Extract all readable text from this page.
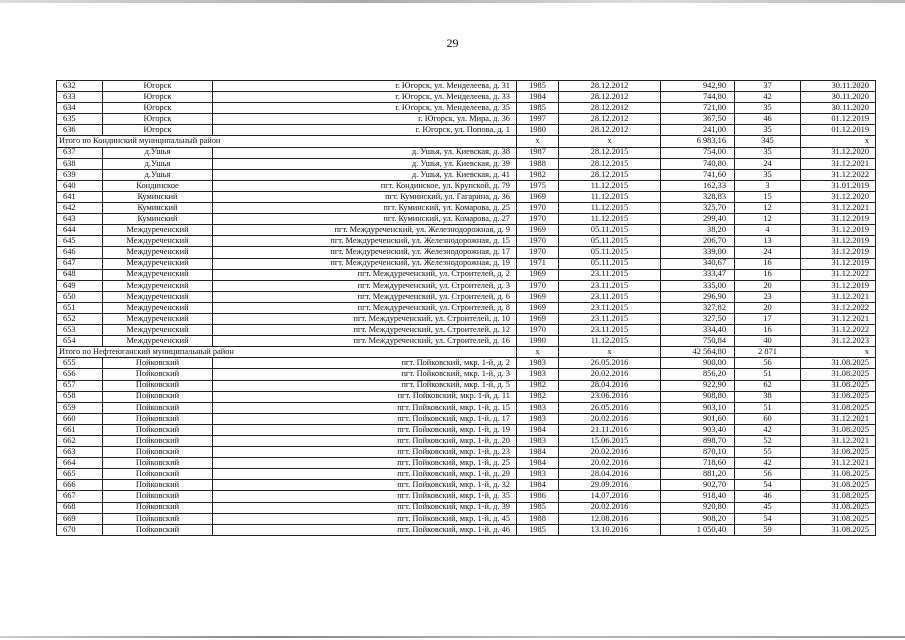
29
632	Югорск	г. Югорск, ул. Менделеева, д. 31	1985	28.12.2012	942,90	37	30.11.2020
633	Югорск	г. Югорск, ул. Менделеева, д. 33	1984	28.12.2012	744,80	42	30.11.2020
634	Югорск	г. Югорск, ул. Менделеева, д. 35	1985	28.12.2012	721,00	35	30.11.2020
635	Югорск	г. Югорск, ул. Мира, д. 36	1997	28.12.2012	367,50	46	01.12.2019
636	Югорск	г. Югорск, ул. Попова, д. 1	1980	28.12.2012	241,00	35	01.12.2019
Итого по Кондинский муниципальный район			х	х	6 983,16	345	х
637	д.Ушья	д. Ушья, ул. Киевская, д. 38	1987	28.12.2015	754,00	35	31.12.2020
638	д.Ушья	д. Ушья, ул. Киевская, д. 39	1988	28.12.2015	740,80	24	31.12.2021
639	д.Ушья	д. Ушья, ул. Киевская, д. 41	1982	28.12.2015	741,60	35	31.12.2022
640	Кондинское	пгт. Кондинское, ул. Крупской, д. 79	1975	11.12.2015	162,33	3	31.01.2019
641	Куминский	пгт. Куминский, ул. Гагарина, д. 36	1969	11.12.2015	328,83	15	31.12.2020
642	Куминский	пгт. Куминский, ул. Комарова, д. 25	1970	11.12.2015	325,70	12	31.12.2021
643	Куминский	пгт. Куминский, ул. Комарова, д. 27	1970	11.12.2015	299,40	12	31.12.2019
644	Междуреченский	пгт. Междуреченский, ул. Железнодорожная, д. 9	1969	05.11.2015	38,20	4	31.12.2019
645	Междуреченский	пгт. Междуреченский, ул. Железнодорожная, д. 15	1970	05.11.2015	206,70	13	31.12.2019
646	Междуреченский	пгт. Междуреченский, ул. Железнодорожная, д. 17	1970	05.11.2015	339,00	24	31.12.2019
647	Междуреченский	пгт. Междуреченский, ул. Железнодорожная, д. 19	1971	05.11.2015	340,67	16	31.12.2019
648	Междуреченский	пгт. Междуреченский, ул. Строителей, д. 2	1969	23.11.2015	333,47	16	31.12.2022
649	Междуреченский	пгт. Междуреченский, ул. Строителей, д. 3	1970	23.11.2015	335,00	20	31.12.2019
650	Междуреченский	пгт. Междуреченский, ул. Строителей, д. 6	1969	23.11.2015	296,90	23	31.12.2021
651	Междуреченский	пгт. Междуреченский, ул. Строителей, д. 8	1969	23.11.2015	327,82	20	31.12.2022
652	Междуреченский	пгт. Междуреченский, ул. Строителей, д. 10	1969	23.11.2015	327,50	17	31.12.2021
653	Междуреченский	пгт. Междуреченский, ул. Строителей, д. 12	1970	23.11.2015	334,40	16	31.12.2022
654	Междуреченский	пгт. Междуреченский, ул. Строителей, д. 16	1990	11.12.2015	750,84	40	31.12.2023
Итого по Нефтеюганский муниципальный район			х	х	42 564,80	2 871	х
655	Пойковский	пгт. Пойковский, мкр. 1-й, д. 2	1983	26.05.2016	900,00	56	31.08.2025
656	Пойковский	пгт. Пойковский, мкр. 1-й, д. 3	1983	20.02.2016	856,20	51	31.08.2025
657	Пойковский	пгт. Пойковский, мкр. 1-й, д. 5	1982	28.04.2016	922,90	62	31.08.2025
658	Пойковский	пгт. Пойковский, мкр. 1-й, д. 11	1982	23.06.2016	908,80	38	31.08.2025
659	Пойковский	пгт. Пойковский, мкр. 1-й, д. 15	1983	26.05.2016	903,10	51	31.08.2025
660	Пойковский	пгт. Пойковский, мкр. 1-й, д. 17	1983	20.02.2016	901,60	60	31.12.2021
661	Пойковский	пгт. Пойковский, мкр. 1-й, д. 19	1984	21.11.2016	903,40	42	31.08.2025
662	Пойковский	пгт. Пойковский, мкр. 1-й, д. 20	1983	15.06.2015	898,70	52	31.12.2021
663	Пойковский	пгт. Пойковский, мкр. 1-й, д. 23	1984	20.02.2016	870,10	55	31.08.2025
664	Пойковский	пгт. Пойковский, мкр. 1-й, д. 25	1984	20.02.2016	718,60	42	31.12.2021
665	Пойковский	пгт. Пойковский, мкр. 1-й, д. 29	1983	28.04.2016	881,20	56	31.08.2025
666	Пойковский	пгт. Пойковский, мкр. 1-й, д. 32	1984	29.09.2016	902,70	54	31.08.2025
667	Пойковский	пгт. Пойковский, мкр. 1-й, д. 35	1986	14.07.2016	918,40	46	31.08.2025
668	Пойковский	пгт. Пойковский, мкр. 1-й, д. 39	1985	20.02.2016	920,80	45	31.08.2025
669	Пойковский	пгт. Пойковский, мкр. 1-й, д. 45	1988	12.08.2016	908,20	54	31.08.2025
670	Пойковский	пгт. Пойковский, мкр. 1-й, д. 46	1985	13.10.2016	1 050,40	59	31.08.2025
